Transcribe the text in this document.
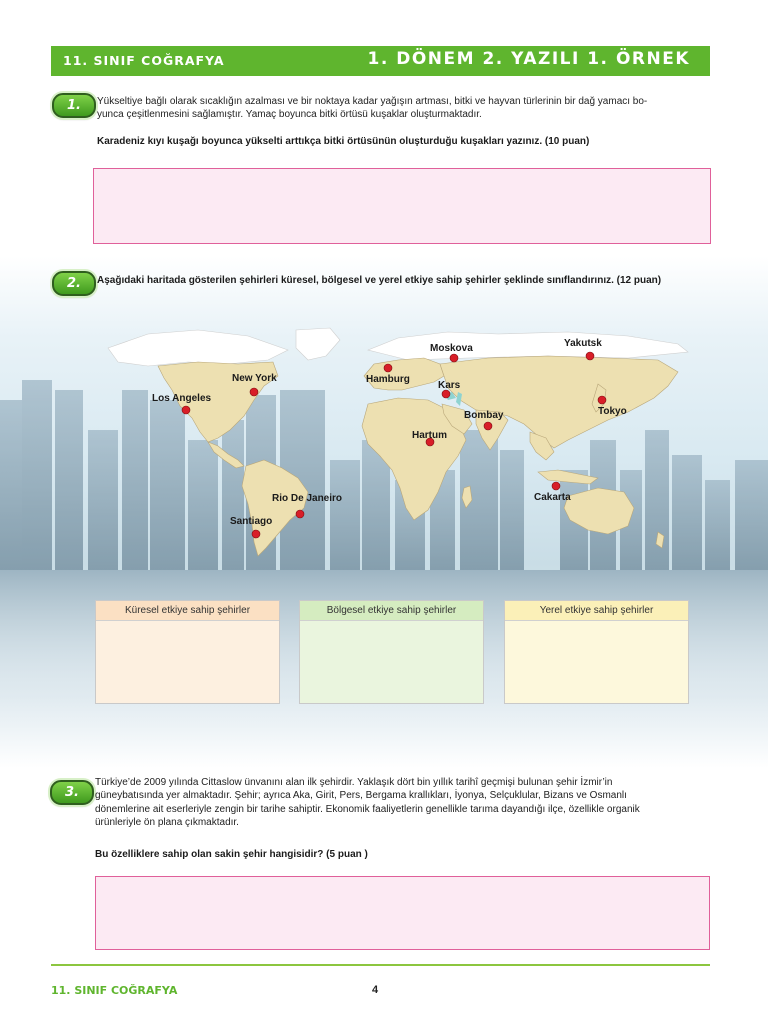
11. SINIF COĞRAFYA	1. DÖNEM 2. YAZILI 1. ÖRNEK
1.	Yükseltiye bağlı olarak sıcaklığın azalması ve bir noktaya kadar yağışın artması, bitki ve hayvan türlerinin bir dağ yamacı bo-
yunca çeşitlenmesini sağlamıştır. Yamaç boyunca bitki örtüsü kuşaklar oluşturmaktadır.
Karadeniz kıyı kuşağı boyunca yükselti arttıkça bitki örtüsünün oluşturduğu kuşakları yazınız. (10 puan)
2.	Aşağıdaki haritada gösterilen şehirleri küresel, bölgesel ve yerel etkiye sahip şehirler şeklinde sınıflandırınız. (12 puan)
New York
Los Angeles
Hamburg
Moskova
Kars
Yakutsk
Tokyo
Bombay
Hartum
Cakarta
Rio De Janeiro
Santiago
Küresel etkiye sahip şehirler	Bölgesel etkiye sahip şehirler	Yerel etkiye sahip şehirler
3.
Türkiye’de 2009 yılında Cittaslow ünvanını alan ilk şehirdir. Yaklaşık dört bin yıllık tarihî geçmişi bulunan şehir İzmir’in
güneybatısında yer almaktadır. Şehir; ayrıca Aka, Girit, Pers, Bergama krallıkları, İyonya, Selçuklular, Bizans ve Osmanlı
dönemlerine ait eserleriyle zengin bir tarihe sahiptir. Ekonomik faaliyetlerin genellikle tarıma dayandığı ilçe, özellikle organik
ürünleriyle ön plana çıkmaktadır.
Bu özelliklere sahip olan sakin şehir hangisidir? (5 puan )
11. SINIF COĞRAFYA	4
